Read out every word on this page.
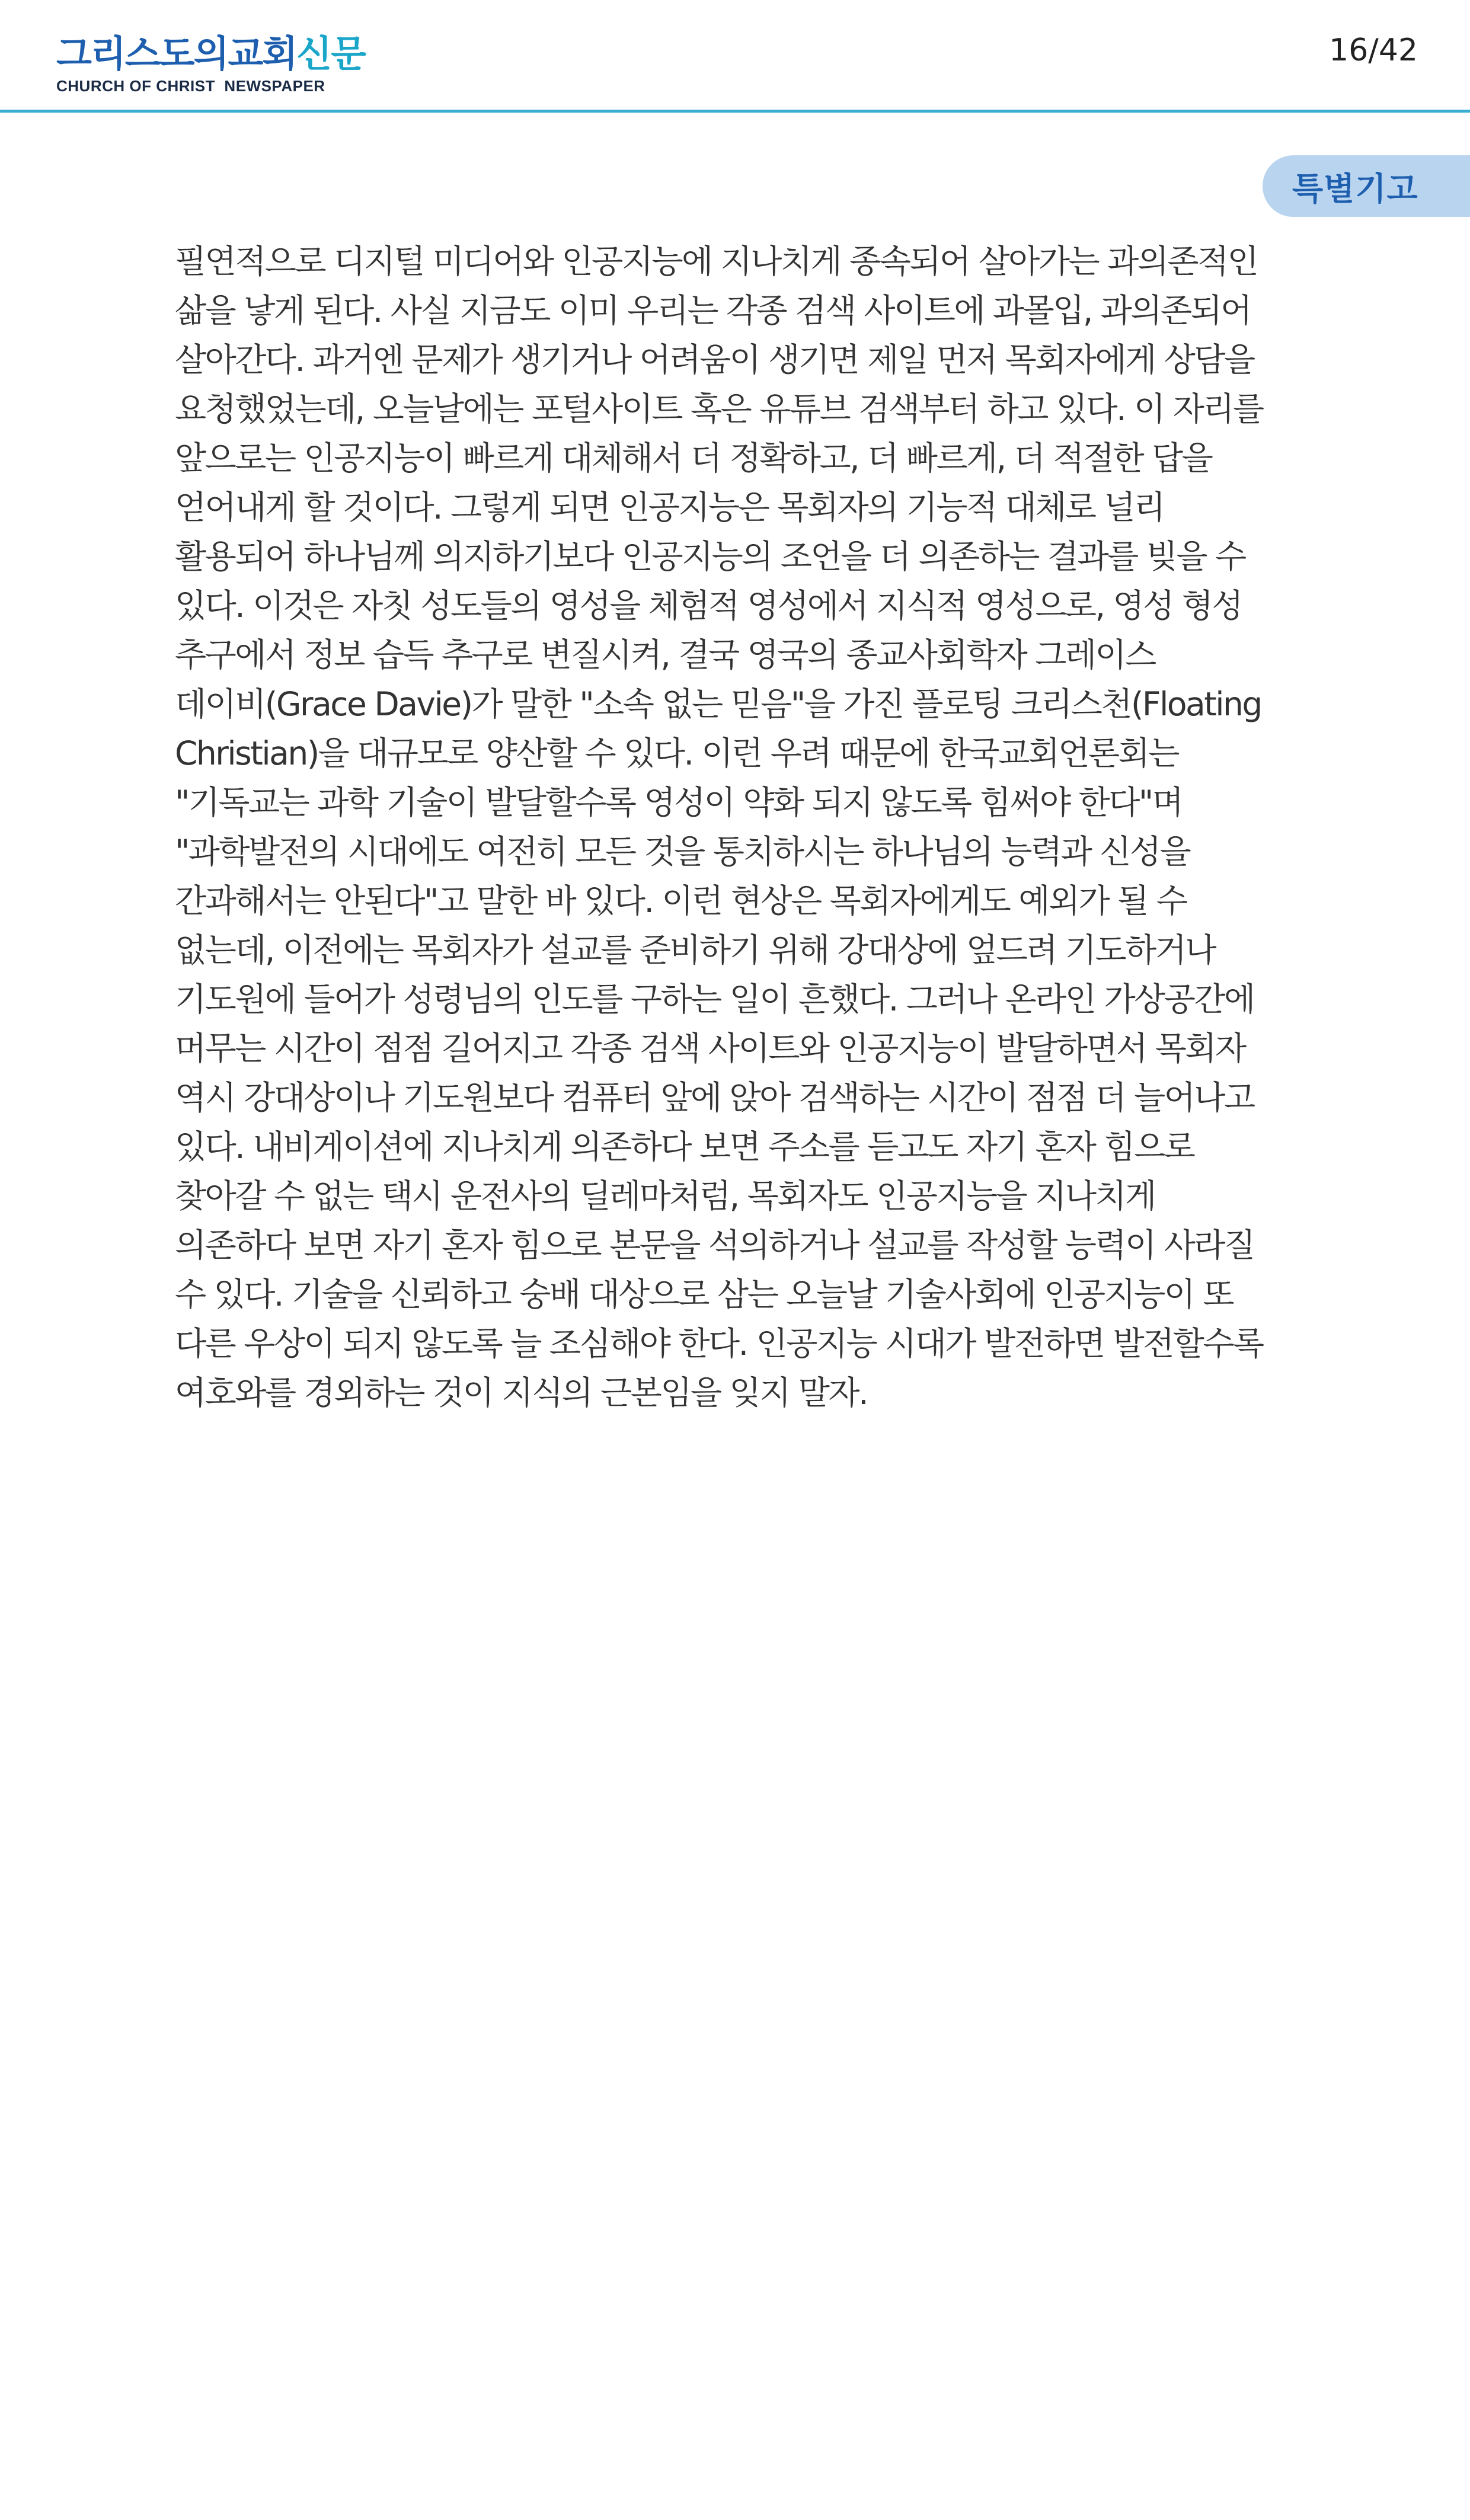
그리스도의교회신문
CHURCH OF CHRIST  NEWSPAPER
16/42
특별기고
필연적으로 디지털 미디어와 인공지능에 지나치게 종속되어 살아가는 과의존적인
삶을 낳게 된다. 사실 지금도 이미 우리는 각종 검색 사이트에 과몰입, 과의존되어
살아간다. 과거엔 문제가 생기거나 어려움이 생기면 제일 먼저 목회자에게 상담을
요청했었는데, 오늘날에는 포털사이트 혹은 유튜브 검색부터 하고 있다. 이 자리를
앞으로는 인공지능이 빠르게 대체해서 더 정확하고, 더 빠르게, 더 적절한 답을
얻어내게 할 것이다. 그렇게 되면 인공지능은 목회자의 기능적 대체로 널리
활용되어 하나님께 의지하기보다 인공지능의 조언을 더 의존하는 결과를 빚을 수
있다. 이것은 자칫 성도들의 영성을 체험적 영성에서 지식적 영성으로, 영성 형성
추구에서 정보 습득 추구로 변질시켜, 결국 영국의 종교사회학자 그레이스
데이비(Grace Davie)가 말한 "소속 없는 믿음"을 가진 플로팅 크리스천(Floating
Christian)을 대규모로 양산할 수 있다. 이런 우려 때문에 한국교회언론회는
"기독교는 과학 기술이 발달할수록 영성이 약화 되지 않도록 힘써야 한다"며
"과학발전의 시대에도 여전히 모든 것을 통치하시는 하나님의 능력과 신성을
간과해서는 안된다"고 말한 바 있다. 이런 현상은 목회자에게도 예외가 될 수
없는데, 이전에는 목회자가 설교를 준비하기 위해 강대상에 엎드려 기도하거나
기도원에 들어가 성령님의 인도를 구하는 일이 흔했다. 그러나 온라인 가상공간에
머무는 시간이 점점 길어지고 각종 검색 사이트와 인공지능이 발달하면서 목회자
역시 강대상이나 기도원보다 컴퓨터 앞에 앉아 검색하는 시간이 점점 더 늘어나고
있다. 내비게이션에 지나치게 의존하다 보면 주소를 듣고도 자기 혼자 힘으로
찾아갈 수 없는 택시 운전사의 딜레마처럼, 목회자도 인공지능을 지나치게
의존하다 보면 자기 혼자 힘으로 본문을 석의하거나 설교를 작성할 능력이 사라질
수 있다. 기술을 신뢰하고 숭배 대상으로 삼는 오늘날 기술사회에 인공지능이 또
다른 우상이 되지 않도록 늘 조심해야 한다. 인공지능 시대가 발전하면 발전할수록
여호와를 경외하는 것이 지식의 근본임을 잊지 말자.
